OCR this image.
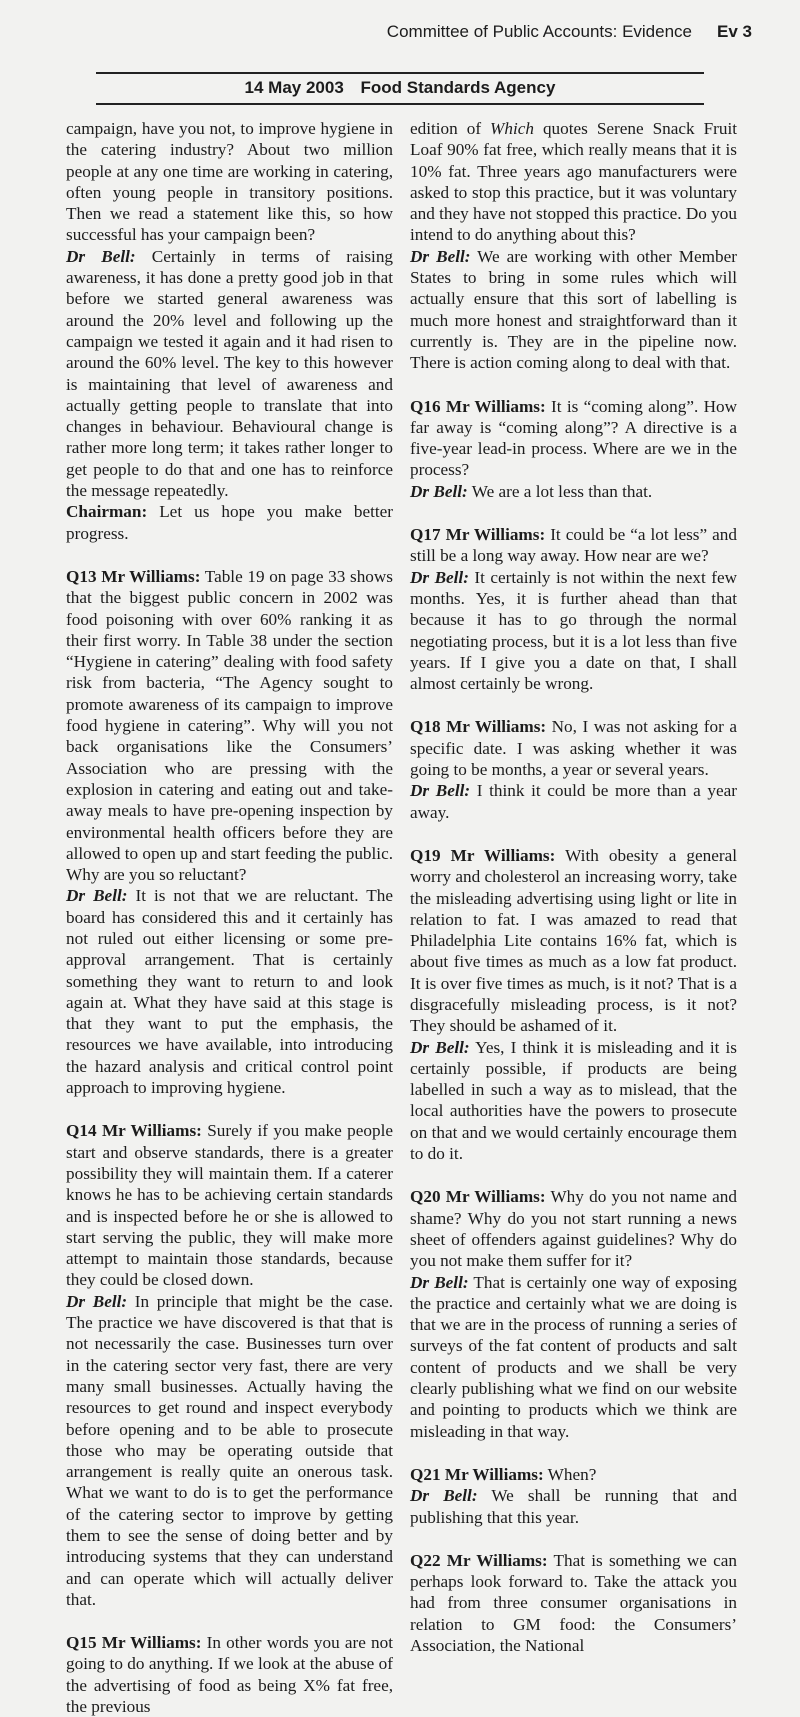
Committee of Public Accounts: Evidence Ev 3
14 May 2003 Food Standards Agency

campaign, have you not, to improve hygiene in the catering industry? About two million people at any one time are working in catering, often young people in transitory positions. Then we read a statement like this, so how successful has your campaign been?

Dr Bell: Certainly in terms of raising awareness, it has done a pretty good job in that before we started general awareness was around the 20% level and following up the campaign we tested it again and it had risen to around the 60% level. The key to this however is maintaining that level of awareness and actually getting people to translate that into changes in behaviour. Behavioural change is rather more long term; it takes rather longer to get people to do that and one has to reinforce the message repeatedly.

Chairman: Let us hope you make better progress.

Q13 Mr Williams: Table 19 on page 33 shows that the biggest public concern in 2002 was food poisoning with over 60% ranking it as their first worry. In Table 38 under the section “Hygiene in catering” dealing with food safety risk from bacteria, “The Agency sought to promote awareness of its campaign to improve food hygiene in catering”. Why will you not back organisations like the Consumers’ Association who are pressing with the explosion in catering and eating out and take-away meals to have pre-opening inspection by environmental health officers before they are allowed to open up and start feeding the public. Why are you so reluctant?

Dr Bell: It is not that we are reluctant. The board has considered this and it certainly has not ruled out either licensing or some pre-approval arrangement. That is certainly something they want to return to and look again at. What they have said at this stage is that they want to put the emphasis, the resources we have available, into introducing the hazard analysis and critical control point approach to improving hygiene.

Q14 Mr Williams: Surely if you make people start and observe standards, there is a greater possibility they will maintain them. If a caterer knows he has to be achieving certain standards and is inspected before he or she is allowed to start serving the public, they will make more attempt to maintain those standards, because they could be closed down.

Dr Bell: In principle that might be the case. The practice we have discovered is that that is not necessarily the case. Businesses turn over in the catering sector very fast, there are very many small businesses. Actually having the resources to get round and inspect everybody before opening and to be able to prosecute those who may be operating outside that arrangement is really quite an onerous task. What we want to do is to get the performance of the catering sector to improve by getting them to see the sense of doing better and by introducing systems that they can understand and can operate which will actually deliver that.

Q15 Mr Williams: In other words you are not going to do anything. If we look at the abuse of the advertising of food as being X% fat free, the previous

edition of Which quotes Serene Snack Fruit Loaf 90% fat free, which really means that it is 10% fat. Three years ago manufacturers were asked to stop this practice, but it was voluntary and they have not stopped this practice. Do you intend to do anything about this?

Dr Bell: We are working with other Member States to bring in some rules which will actually ensure that this sort of labelling is much more honest and straightforward than it currently is. They are in the pipeline now. There is action coming along to deal with that.

Q16 Mr Williams: It is “coming along”. How far away is “coming along”? A directive is a five-year lead-in process. Where are we in the process?

Dr Bell: We are a lot less than that.

Q17 Mr Williams: It could be “a lot less” and still be a long way away. How near are we?

Dr Bell: It certainly is not within the next few months. Yes, it is further ahead than that because it has to go through the normal negotiating process, but it is a lot less than five years. If I give you a date on that, I shall almost certainly be wrong.

Q18 Mr Williams: No, I was not asking for a specific date. I was asking whether it was going to be months, a year or several years.

Dr Bell: I think it could be more than a year away.

Q19 Mr Williams: With obesity a general worry and cholesterol an increasing worry, take the misleading advertising using light or lite in relation to fat. I was amazed to read that Philadelphia Lite contains 16% fat, which is about five times as much as a low fat product. It is over five times as much, is it not? That is a disgracefully misleading process, is it not? They should be ashamed of it.

Dr Bell: Yes, I think it is misleading and it is certainly possible, if products are being labelled in such a way as to mislead, that the local authorities have the powers to prosecute on that and we would certainly encourage them to do it.

Q20 Mr Williams: Why do you not name and shame? Why do you not start running a news sheet of offenders against guidelines? Why do you not make them suffer for it?

Dr Bell: That is certainly one way of exposing the practice and certainly what we are doing is that we are in the process of running a series of surveys of the fat content of products and salt content of products and we shall be very clearly publishing what we find on our website and pointing to products which we think are misleading in that way.

Q21 Mr Williams: When?

Dr Bell: We shall be running that and publishing that this year.

Q22 Mr Williams: That is something we can perhaps look forward to. Take the attack you had from three consumer organisations in relation to GM food: the Consumers’ Association, the National
